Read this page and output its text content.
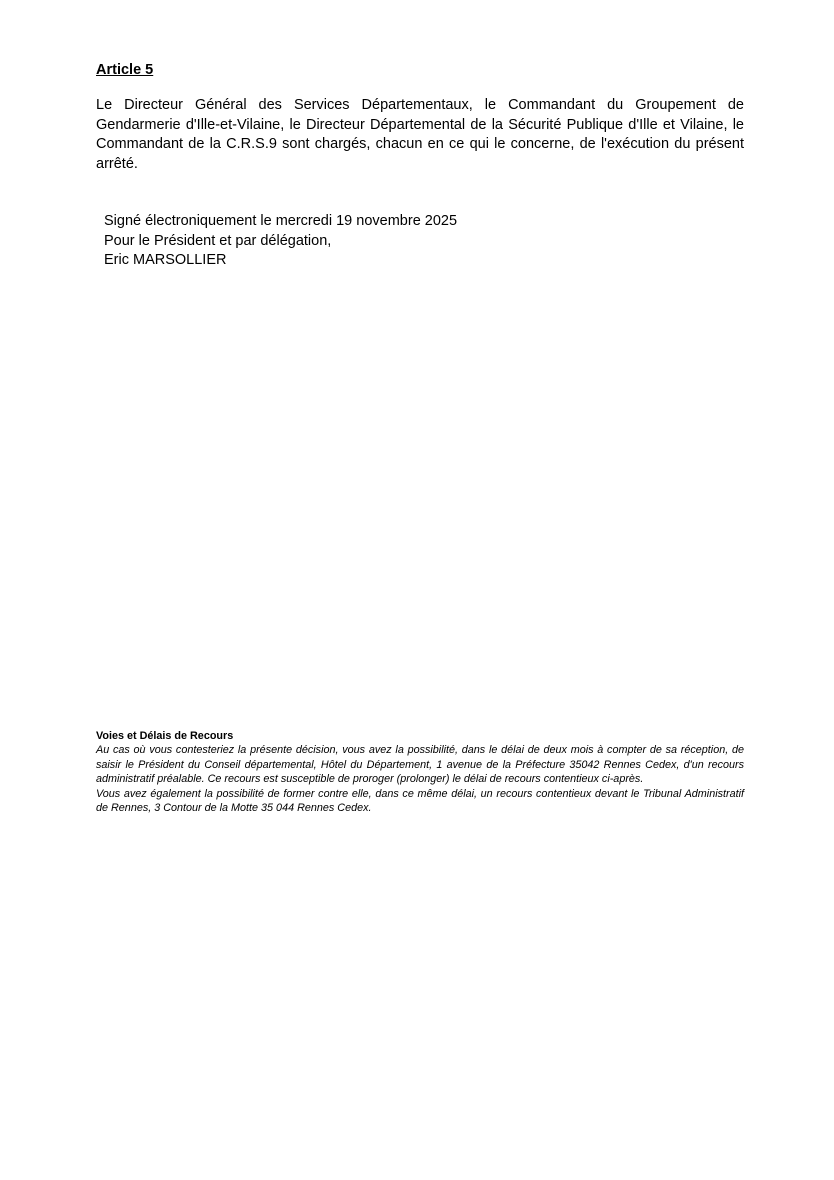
Article 5

Le Directeur Général des Services Départementaux, le Commandant du Groupement de Gendarmerie d'Ille-et-Vilaine, le Directeur Départemental de la Sécurité Publique d'Ille et Vilaine, le Commandant de la C.R.S.9 sont chargés, chacun en ce qui le concerne, de l'exécution du présent arrêté.

Signé électroniquement le mercredi 19 novembre 2025
Pour le Président et par délégation,
Eric MARSOLLIER

Voies et Délais de Recours

Au cas où vous contesteriez la présente décision, vous avez la possibilité, dans le délai de deux mois à compter de sa réception, de saisir le Président du Conseil départemental, Hôtel du Département, 1 avenue de la Préfecture 35042 Rennes Cedex, d'un recours administratif préalable. Ce recours est susceptible de proroger (prolonger) le délai de recours contentieux ci-après.

Vous avez également la possibilité de former contre elle, dans ce même délai, un recours contentieux devant le Tribunal Administratif de Rennes, 3 Contour de la Motte 35 044 Rennes Cedex.
